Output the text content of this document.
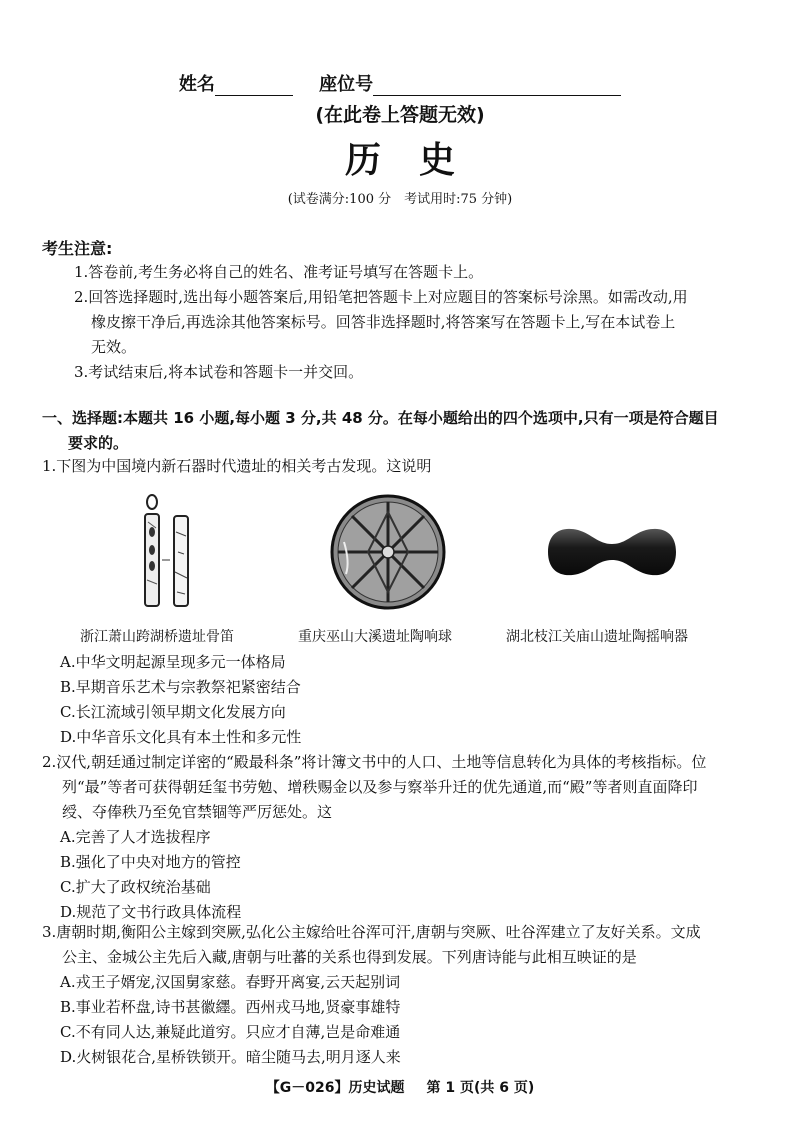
姓名	座位号
(在此卷上答题无效)
历史
(试卷满分:100 分　考试用时:75 分钟)
考生注意:

1.答卷前,考生务必将自己的姓名、准考证号填写在答题卡上。

2.回答选择题时,选出每小题答案后,用铅笔把答题卡上对应题目的答案标号涂黑。如需改动,用
橡皮擦干净后,再选涂其他答案标号。回答非选择题时,将答案写在答题卡上,写在本试卷上
无效。

3.考试结束后,将本试卷和答题卡一并交回。

一、选择题:本题共 16 小题,每小题 3 分,共 48 分。在每小题给出的四个选项中,只有一项是符合题目
要求的。

1.下图为中国境内新石器时代遗址的相关考古发现。这说明

浙江萧山跨湖桥遗址骨笛	重庆巫山大溪遗址陶响球	湖北枝江关庙山遗址陶摇响器
A.中华文明起源呈现多元一体格局
B.早期音乐艺术与宗教祭祀紧密结合
C.长江流域引领早期文化发展方向
D.中华音乐文化具有本土性和多元性

2.汉代,朝廷通过制定详密的“殿最科条”将计簿文书中的人口、土地等信息转化为具体的考核指标。位
列“最”等者可获得朝廷玺书劳勉、增秩赐金以及参与察举升迁的优先通道,而“殿”等者则直面降印
绶、夺俸秩乃至免官禁锢等严厉惩处。这

A.完善了人才选拔程序
B.强化了中央对地方的管控
C.扩大了政权统治基础
D.规范了文书行政具体流程

3.唐朝时期,衡阳公主嫁到突厥,弘化公主嫁给吐谷浑可汗,唐朝与突厥、吐谷浑建立了友好关系。文成
公主、金城公主先后入藏,唐朝与吐蕃的关系也得到发展。下列唐诗能与此相互映证的是

A.戎王子婿宠,汉国舅家慈。春野开离宴,云天起别词
B.事业若杯盘,诗书甚徽纆。西州戎马地,贤豪事雄特
C.不有同人达,兼疑此道穷。只应才自薄,岂是命难通
D.火树银花合,星桥铁锁开。暗尘随马去,明月逐人来
【G－026】历史试题 第 1 页(共 6 页)
